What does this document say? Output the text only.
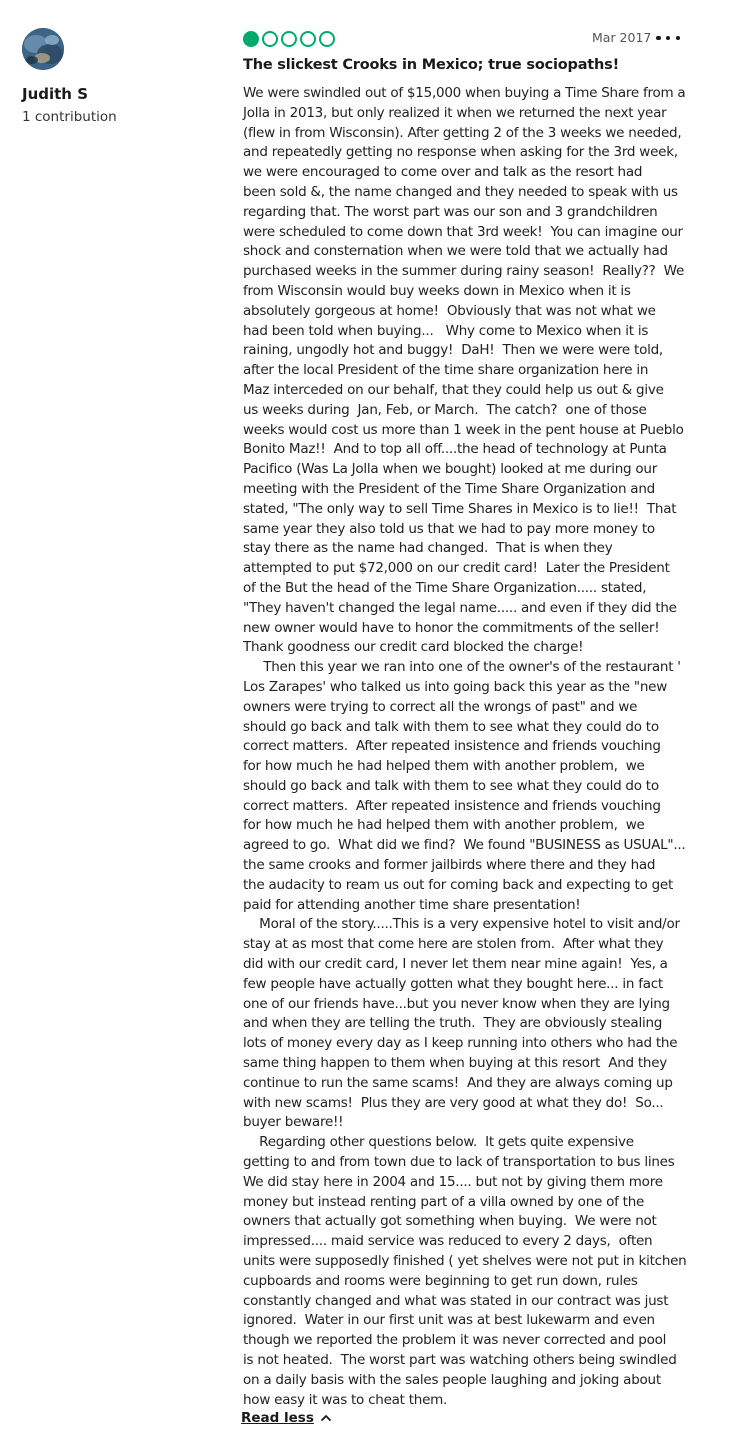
Judith S
1 contribution
Mar 2017
The slickest Crooks in Mexico; true sociopaths!
We were swindled out of $15,000 when buying a Time Share from a
Jolla in 2013, but only realized it when we returned the next year
(flew in from Wisconsin). After getting 2 of the 3 weeks we needed,
and repeatedly getting no response when asking for the 3rd week,
we were encouraged to come over and talk as the resort had
been sold &, the name changed and they needed to speak with us
regarding that. The worst part was our son and 3 grandchildren
were scheduled to come down that 3rd week!  You can imagine our
shock and consternation when we were told that we actually had
purchased weeks in the summer during rainy season!  Really??  We
from Wisconsin would buy weeks down in Mexico when it is
absolutely gorgeous at home!  Obviously that was not what we
had been told when buying...   Why come to Mexico when it is
raining, ungodly hot and buggy!  DaH!  Then we were were told,
after the local President of the time share organization here in
Maz interceded on our behalf, that they could help us out & give
us weeks during  Jan, Feb, or March.  The catch?  one of those
weeks would cost us more than 1 week in the pent house at Pueblo
Bonito Maz!!  And to top all off....the head of technology at Punta
Pacifico (Was La Jolla when we bought) looked at me during our
meeting with the President of the Time Share Organization and
stated, "The only way to sell Time Shares in Mexico is to lie!!  That
same year they also told us that we had to pay more money to
stay there as the name had changed.  That is when they
attempted to put $72,000 on our credit card!  Later the President
of the But the head of the Time Share Organization..... stated,
"They haven't changed the legal name..... and even if they did the
new owner would have to honor the commitments of the seller!
Thank goodness our credit card blocked the charge!
Then this year we ran into one of the owner's of the restaurant '
Los Zarapes' who talked us into going back this year as the "new
owners were trying to correct all the wrongs of past" and we
should go back and talk with them to see what they could do to
correct matters.  After repeated insistence and friends vouching
for how much he had helped them with another problem,  we
should go back and talk with them to see what they could do to
correct matters.  After repeated insistence and friends vouching
for how much he had helped them with another problem,  we
agreed to go.  What did we find?  We found "BUSINESS as USUAL"...
the same crooks and former jailbirds where there and they had
the audacity to ream us out for coming back and expecting to get
paid for attending another time share presentation!
Moral of the story.....This is a very expensive hotel to visit and/or
stay at as most that come here are stolen from.  After what they
did with our credit card, I never let them near mine again!  Yes, a
few people have actually gotten what they bought here... in fact
one of our friends have...but you never know when they are lying
and when they are telling the truth.  They are obviously stealing
lots of money every day as I keep running into others who had the
same thing happen to them when buying at this resort  And they
continue to run the same scams!  And they are always coming up
with new scams!  Plus they are very good at what they do!  So...
buyer beware!!
Regarding other questions below.  It gets quite expensive
getting to and from town due to lack of transportation to bus lines
We did stay here in 2004 and 15.... but not by giving them more
money but instead renting part of a villa owned by one of the
owners that actually got something when buying.  We were not
impressed.... maid service was reduced to every 2 days,  often
units were supposedly finished ( yet shelves were not put in kitchen
cupboards and rooms were beginning to get run down, rules
constantly changed and what was stated in our contract was just
ignored.  Water in our first unit was at best lukewarm and even
though we reported the problem it was never corrected and pool
is not heated.  The worst part was watching others being swindled
on a daily basis with the sales people laughing and joking about
how easy it was to cheat them.
Read less
